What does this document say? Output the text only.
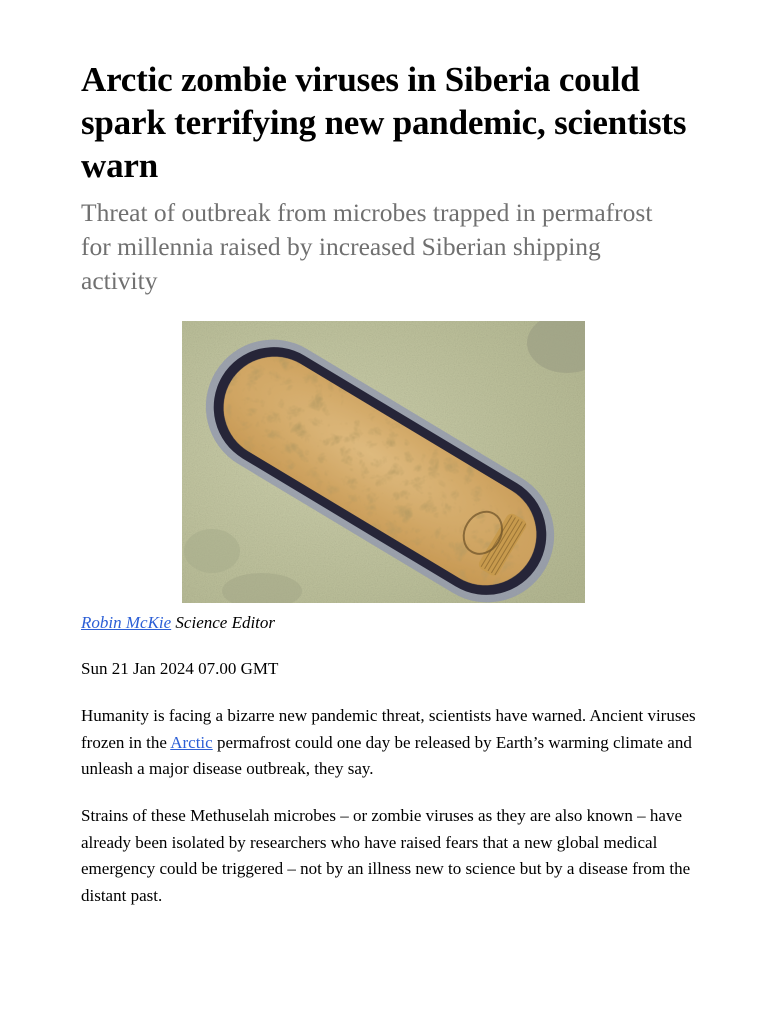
Arctic zombie viruses in Siberia could spark terrifying new pandemic, scientists warn
Threat of outbreak from microbes trapped in permafrost for millennia raised by increased Siberian shipping activity
Robin McKie Science Editor
Sun 21 Jan 2024 07.00 GMT

Humanity is facing a bizarre new pandemic threat, scientists have warned. Ancient viruses frozen in the Arctic permafrost could one day be released by Earth’s warming climate and unleash a major disease outbreak, they say.

Strains of these Methuselah microbes – or zombie viruses as they are also known – have already been isolated by researchers who have raised fears that a new global medical emergency could be triggered – not by an illness new to science but by a disease from the distant past.
